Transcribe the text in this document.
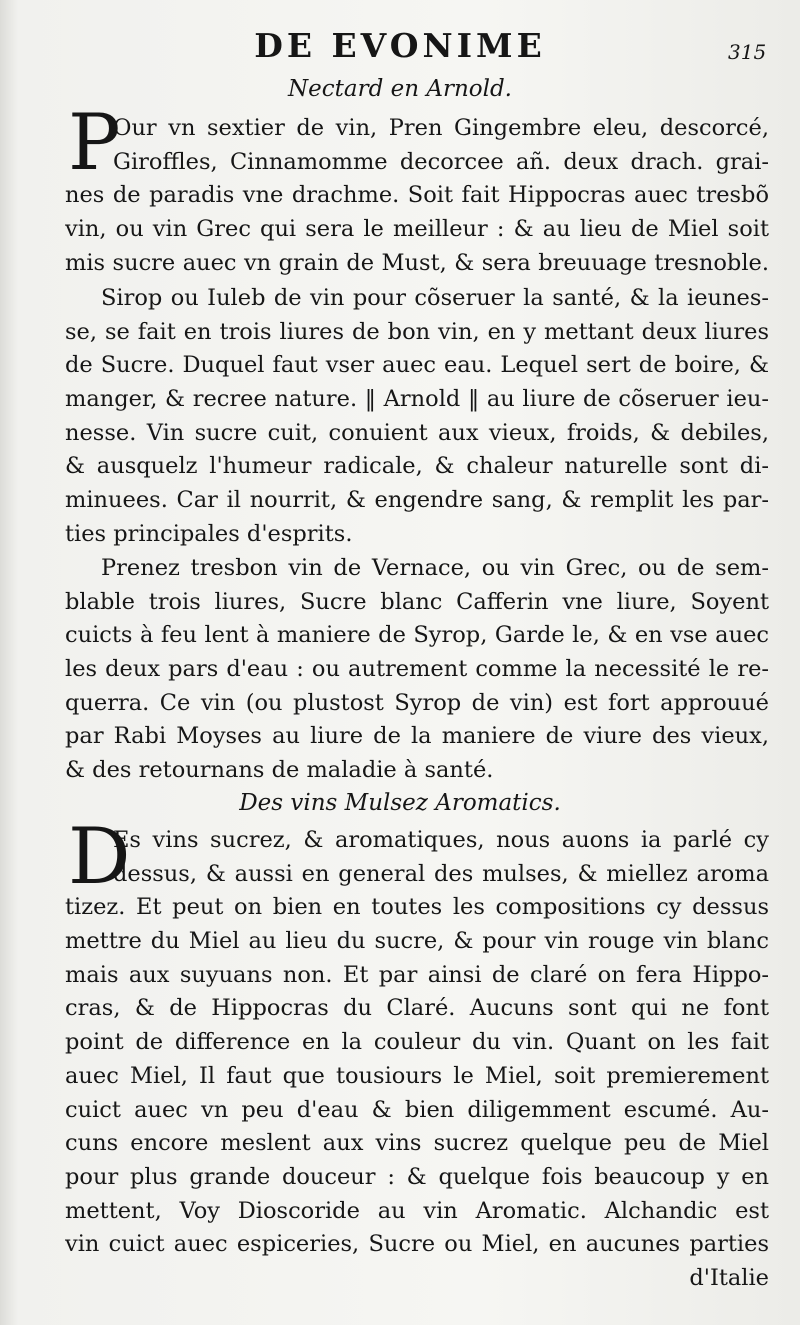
DE EVONIME	315
Nectard en Arnold.
P
Our vn sextier de vin, Pren Gingembre eleu, descorcé,
Giroffles, Cinnamomme decorcee añ. deux drach. grai-
nes de paradis vne drachme. Soit fait Hippocras auec tresbõ
vin, ou vin Grec qui sera le meilleur : & au lieu de Miel soit
mis sucre auec vn grain de Must, & sera breuuage tresnoble.
Sirop ou Iuleb de vin pour cõseruer la santé, & la ieunes-
se, se fait en trois liures de bon vin, en y mettant deux liures
de Sucre. Duquel faut vser auec eau. Lequel sert de boire, &
manger, & recree nature. ‖ Arnold ‖ au liure de cõseruer ieu-
nesse. Vin sucre cuit, conuient aux vieux, froids, & debiles,
& ausquelz l'humeur radicale, & chaleur naturelle sont di-
minuees. Car il nourrit, & engendre sang, & remplit les par-
ties principales d'esprits.
Prenez tresbon vin de Vernace, ou vin Grec, ou de sem-
blable trois liures, Sucre blanc Cafferin vne liure, Soyent
cuicts à feu lent à maniere de Syrop, Garde le, & en vse auec
les deux pars d'eau : ou autrement comme la necessité le re-
querra. Ce vin (ou plustost Syrop de vin) est fort approuué
par Rabi Moyses au liure de la maniere de viure des vieux,
& des retournans de maladie à santé.
Des vins Mulsez Aromatics.
D
Es vins sucrez, & aromatiques, nous auons ia parlé cy
dessus, & aussi en general des mulses, & miellez aroma
tizez. Et peut on bien en toutes les compositions cy dessus
mettre du Miel au lieu du sucre, & pour vin rouge vin blanc
mais aux suyuans non. Et par ainsi de claré on fera Hippo-
cras, & de Hippocras du Claré. Aucuns sont qui ne font
point de difference en la couleur du vin. Quant on les fait
auec Miel, Il faut que tousiours le Miel, soit premierement
cuict auec vn peu d'eau & bien diligemment escumé. Au-
cuns encore meslent aux vins sucrez quelque peu de Miel
pour plus grande douceur : & quelque fois beaucoup y en
mettent, Voy Dioscoride au vin Aromatic. Alchandic est
vin cuict auec espiceries, Sucre ou Miel, en aucunes parties
d'Italie
